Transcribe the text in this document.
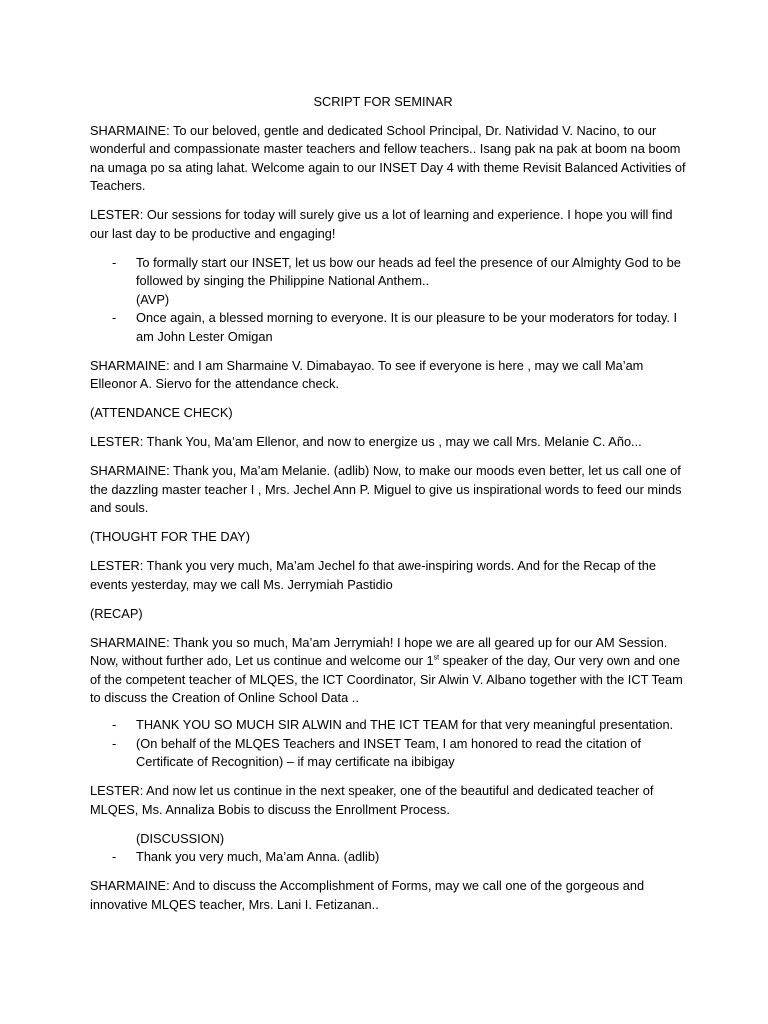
SCRIPT FOR SEMINAR

SHARMAINE: To our beloved, gentle and dedicated School Principal, Dr. Natividad V. Nacino, to our wonderful and compassionate master teachers and fellow teachers.. Isang pak na pak at boom na boom na umaga po sa ating lahat. Welcome again to our INSET Day 4 with theme Revisit Balanced Activities of Teachers.

LESTER: Our sessions for today will surely give us a lot of learning and experience. I hope you will find our last day to be productive and engaging!

- To formally start our INSET, let us bow our heads ad feel the presence of our Almighty God to be followed by singing the Philippine National Anthem..
(AVP)
- Once again, a blessed morning to everyone. It is our pleasure to be your moderators for today. I am John Lester Omigan

SHARMAINE: and I am Sharmaine V. Dimabayao. To see if everyone is here , may we call Ma’am Elleonor A. Siervo for the attendance check.

(ATTENDANCE CHECK)

LESTER: Thank You, Ma’am Ellenor, and now to energize us , may we call Mrs. Melanie C. Año...

SHARMAINE: Thank you, Ma’am Melanie. (adlib) Now, to make our moods even better, let us call one of the dazzling master teacher I , Mrs. Jechel Ann P. Miguel to give us inspirational words to feed our minds and souls.

(THOUGHT FOR THE DAY)

LESTER: Thank you very much, Ma’am Jechel fo that awe-inspiring words. And for the Recap of the events yesterday, may we call Ms. Jerrymiah Pastidio

(RECAP)

SHARMAINE: Thank you so much, Ma’am Jerrymiah! I hope we are all geared up for our AM Session. Now, without further ado, Let us continue and welcome our 1st speaker of the day, Our very own and one of the competent teacher of MLQES, the ICT Coordinator, Sir Alwin V. Albano together with the ICT Team to discuss the Creation of Online School Data ..

- THANK YOU SO MUCH SIR ALWIN and THE ICT TEAM for that very meaningful presentation.
- (On behalf of the MLQES Teachers and INSET Team, I am honored to read the citation of Certificate of Recognition) – if may certificate na ibibigay

LESTER: And now let us continue in the next speaker, one of the beautiful and dedicated teacher of MLQES, Ms. Annaliza Bobis to discuss the Enrollment Process.

(DISCUSSION)

- Thank you very much, Ma’am Anna. (adlib)

SHARMAINE: And to discuss the Accomplishment of Forms, may we call one of the gorgeous and innovative MLQES teacher, Mrs. Lani I. Fetizanan..
